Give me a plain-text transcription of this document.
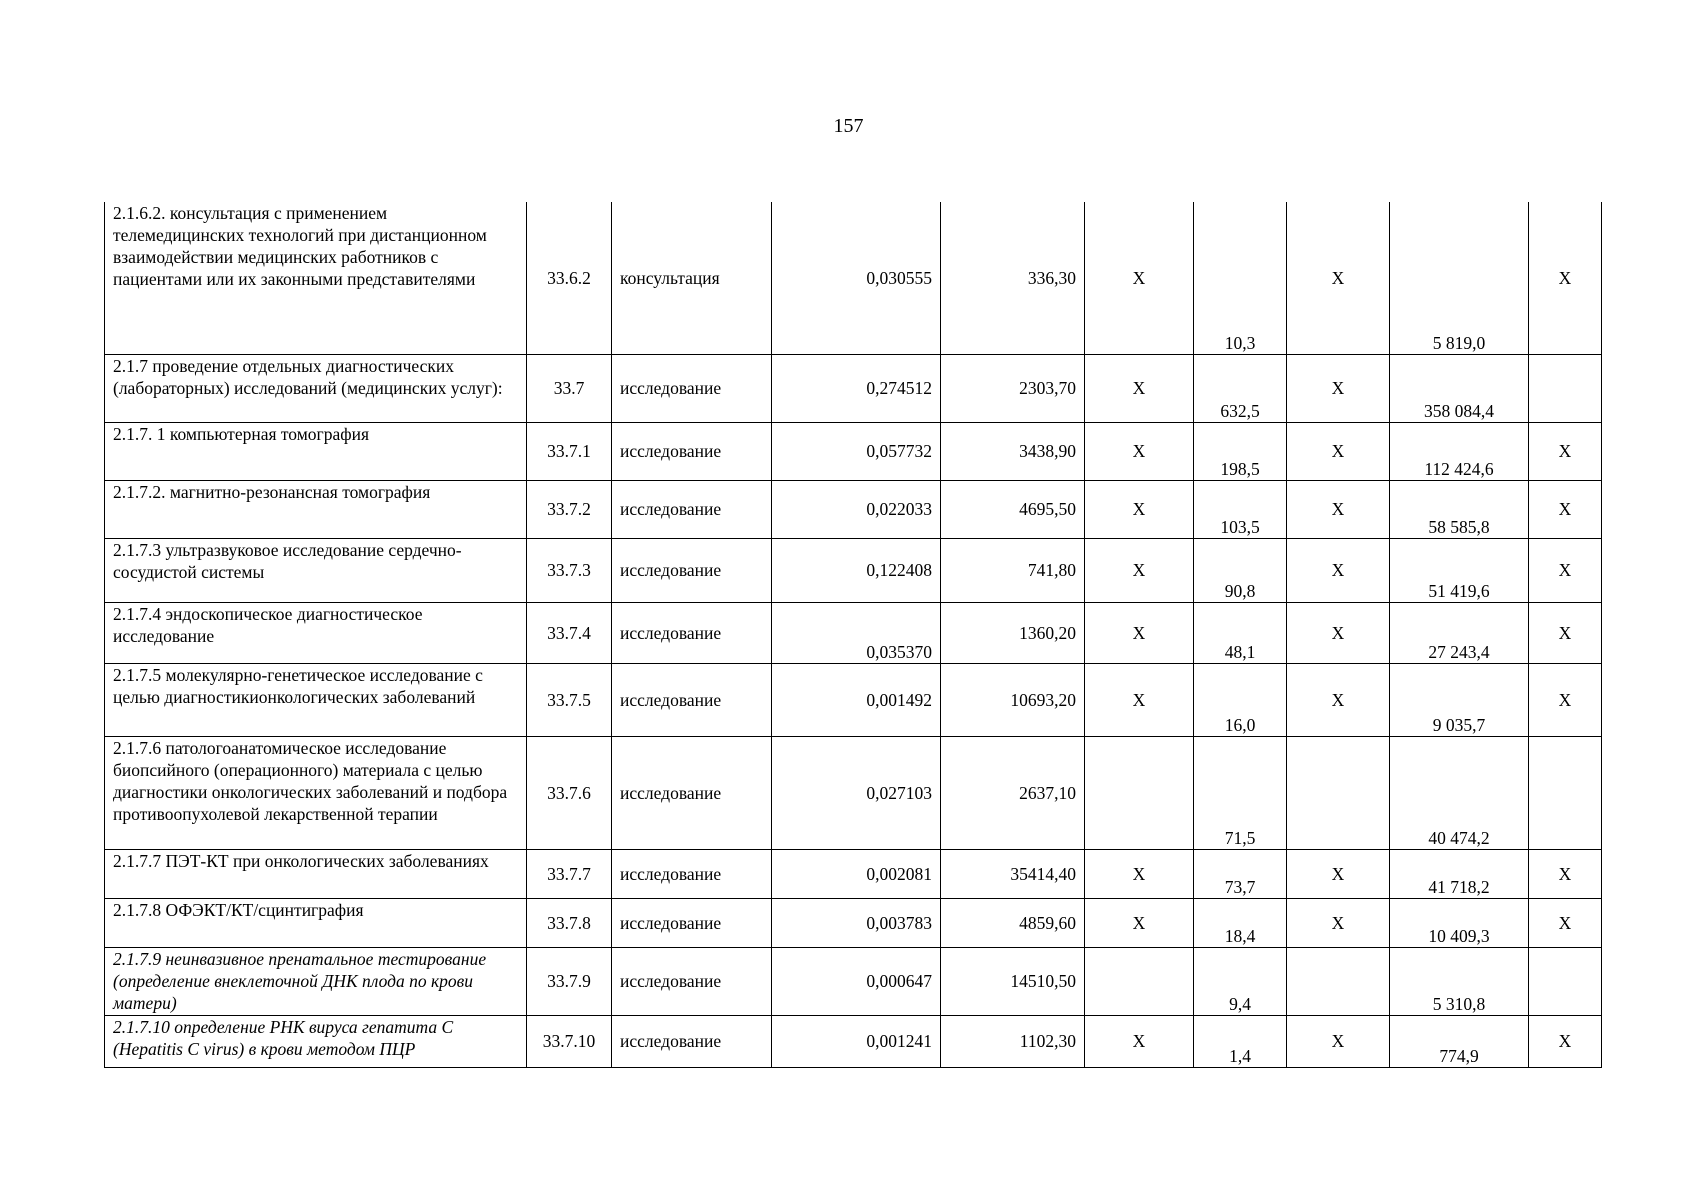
157
2.1.6.2. консультация с применением телемедицинских технологий при дистанционном взаимодействии медицинских работников с пациентами или их законными представителями	33.6.2	консультация	0,030555	336,30	X	10,3	X	5 819,0	X
2.1.7 проведение отдельных диагностических (лабораторных) исследований (медицинских услуг):	33.7	исследование	0,274512	2303,70	X	632,5	X	358 084,4	
2.1.7. 1 компьютерная томография	33.7.1	исследование	0,057732	3438,90	X	198,5	X	112 424,6	X
2.1.7.2. магнитно-резонансная томография	33.7.2	исследование	0,022033	4695,50	X	103,5	X	58 585,8	X
2.1.7.3 ультразвуковое исследование сердечно-сосудистой системы	33.7.3	исследование	0,122408	741,80	X	90,8	X	51 419,6	X
2.1.7.4 эндоскопическое диагностическое исследование	33.7.4	исследование	0,035370	1360,20	X	48,1	X	27 243,4	X
2.1.7.5 молекулярно-генетическое исследование с целью диагностикионкологических заболеваний	33.7.5	исследование	0,001492	10693,20	X	16,0	X	9 035,7	X
2.1.7.6 патологоанатомическое исследование биопсийного (операционного) материала с целью диагностики онкологических заболеваний и подбора противоопухолевой лекарственной терапии	33.7.6	исследование	0,027103	2637,10		71,5		40 474,2	
2.1.7.7 ПЭТ-КТ при онкологических заболеваниях	33.7.7	исследование	0,002081	35414,40	X	73,7	X	41 718,2	X
2.1.7.8 ОФЭКТ/КТ/сцинтиграфия	33.7.8	исследование	0,003783	4859,60	X	18,4	X	10 409,3	X
2.1.7.9 неинвазивное пренатальное тестирование (определение внеклеточной ДНК плода по крови матери)	33.7.9	исследование	0,000647	14510,50		9,4		5 310,8	
2.1.7.10 определение РНК вируса гепатита С (Hepatitis C virus) в крови методом ПЦР	33.7.10	исследование	0,001241	1102,30	X	1,4	X	774,9	X
